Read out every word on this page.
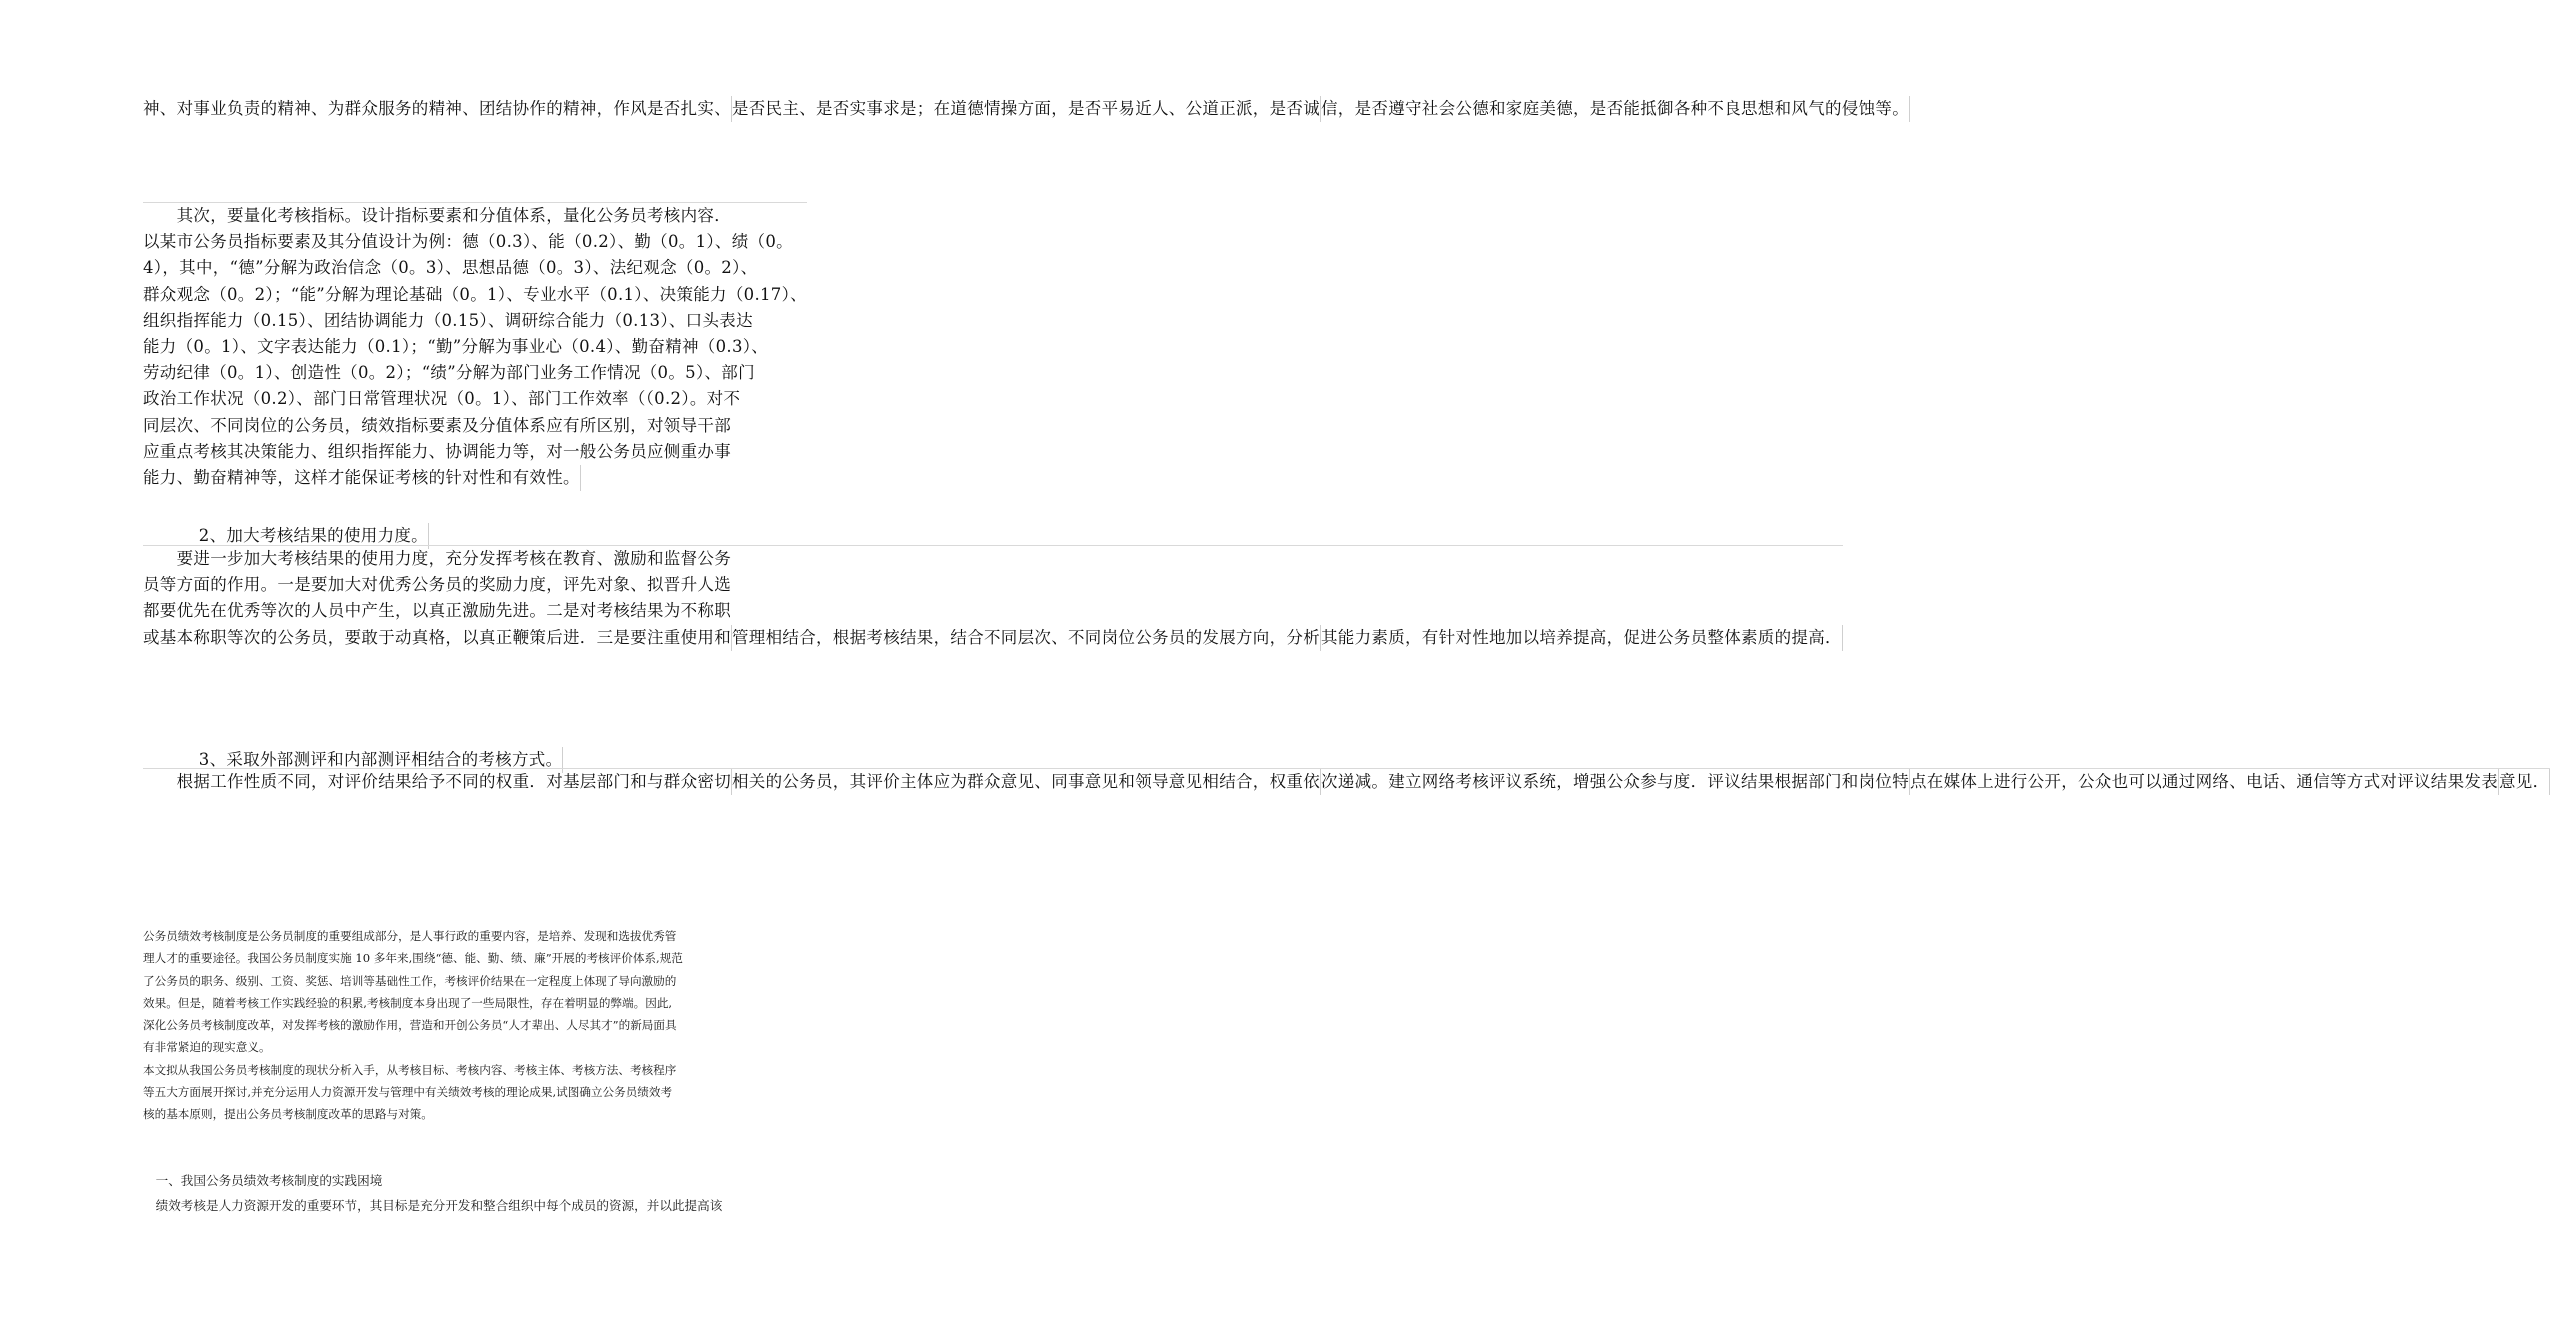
神、对事业负责的精神、为群众服务的精神、团结协作的精神，作风是否扎实、是否民主、是否实事求是；在道德情操方面，是否平易近人、公道正派，是否诚信，是否遵守社会公德和家庭美德，是否能抵御各种不良思想和风气的侵蚀等。
　　其次，要量化考核指标。设计指标要素和分值体系，量化公务员考核内容．
以某市公务员指标要素及其分值设计为例：德（0.3）、能（0.2）、勤（0。1）、绩（0。
4），其中，“德”分解为政治信念（0。3）、思想品德（0。3）、法纪观念（0。2）、
群众观念（0。2）；“能”分解为理论基础（0。1）、专业水平（0.1）、决策能力（0.17）、
组织指挥能力（0.15）、团结协调能力（0.15）、调研综合能力（0.13）、口头表达
能力（0。1）、文字表达能力（0.1）；“勤”分解为事业心（0.4）、勤奋精神（0.3）、
劳动纪律（0。1）、创造性（0。2）；“绩”分解为部门业务工作情况（0。5）、部门
政治工作状况（0.2）、部门日常管理状况（0。1）、部门工作效率（（0.2）。对不
同层次、不同岗位的公务员，绩效指标要素及分值体系应有所区别，对领导干部
应重点考核其决策能力、组织指挥能力、协调能力等，对一般公务员应侧重办事
能力、勤奋精神等，这样才能保证考核的针对性和有效性。

　　2、加大考核结果的使用力度。

　　要进一步加大考核结果的使用力度，充分发挥考核在教育、激励和监督公务
员等方面的作用。一是要加大对优秀公务员的奖励力度，评先对象、拟晋升人选
都要优先在优秀等次的人员中产生，以真正激励先进。二是对考核结果为不称职
或基本称职等次的公务员，要敢于动真格，以真正鞭策后进．三是要注重使用和管理相结合，根据考核结果，结合不同层次、不同岗位公务员的发展方向，分析其能力素质，有针对性地加以培养提高，促进公务员整体素质的提高．

　　3、采取外部测评和内部测评相结合的考核方式。

　　根据工作性质不同，对评价结果给予不同的权重．对基层部门和与群众密切相关的公务员，其评价主体应为群众意见、同事意见和领导意见相结合，权重依次递减。建立网络考核评议系统，增强公众参与度．评议结果根据部门和岗位特点在媒体上进行公开，公众也可以通过网络、电话、通信等方式对评议结果发表意见．
公务员绩效考核制度是公务员制度的重要组成部分，是人事行政的重要内容，是培养、发现和选拔优秀管
理人才的重要途径。我国公务员制度实施 10 多年来,围绕“德、能、勤、绩、廉”开展的考核评价体系,规范
了公务员的职务、级别、工资、奖惩、培训等基础性工作，考核评价结果在一定程度上体现了导向激励的
效果。但是，随着考核工作实践经验的积累,考核制度本身出现了一些局限性，存在着明显的弊端。因此,
深化公务员考核制度改革，对发挥考核的激励作用，营造和开创公务员“人才辈出、人尽其才”的新局面具
有非常紧迫的现实意义。
本文拟从我国公务员考核制度的现状分析入手，从考核目标、考核内容、考核主体、考核方法、考核程序
等五大方面展开探讨,并充分运用人力资源开发与管理中有关绩效考核的理论成果,试图确立公务员绩效考
核的基本原则，提出公务员考核制度改革的思路与对策。
　一、我国公务员绩效考核制度的实践困境
　绩效考核是人力资源开发的重要环节，其目标是充分开发和整合组织中每个成员的资源，并以此提高该
